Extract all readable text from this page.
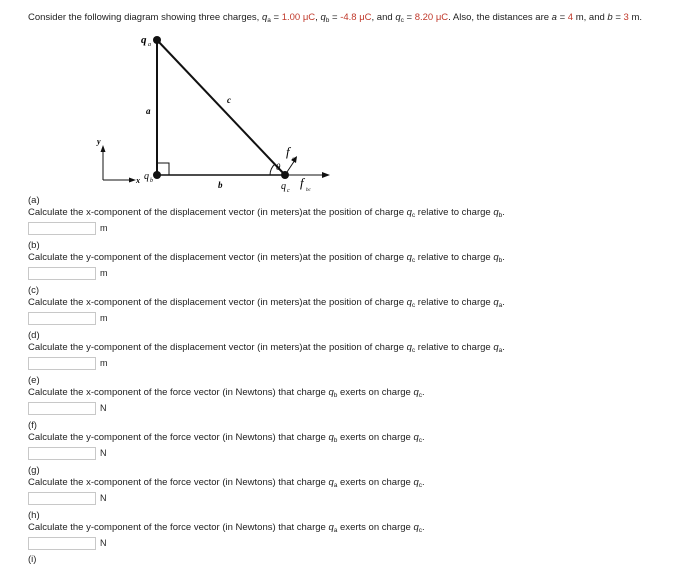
Consider the following diagram showing three charges, $q_a = 1.00$ μC, $q_b = -4.8$ μC, and $q_c = 8.20$ μC. Also, the distances are a = 4 m, and b = 3 m.
q a
a
c
b
y
x q b
θ
q c
f
ac
f
bc
(a)
Calculate the x-component of the displacement vector (in meters)at the position of charge $q_c$ relative to charge $q_b$.
m
(b)
Calculate the y-component of the displacement vector (in meters)at the position of charge $q_c$ relative to charge $q_b$.
m
(c)
Calculate the x-component of the displacement vector (in meters)at the position of charge $q_c$ relative to charge $q_a$.
m
(d)
Calculate the y-component of the displacement vector (in meters)at the position of charge $q_c$ relative to charge $q_a$.
m
(e)
Calculate the x-component of the force vector (in Newtons) that charge $q_b$ exerts on charge $q_c$.
N
(f)
Calculate the y-component of the force vector (in Newtons) that charge $q_b$ exerts on charge $q_c$.
N
(g)
Calculate the x-component of the force vector (in Newtons) that charge $q_a$ exerts on charge $q_c$.
N
(h)
Calculate the y-component of the force vector (in Newtons) that charge $q_a$ exerts on charge $q_c$.
N
(i)
